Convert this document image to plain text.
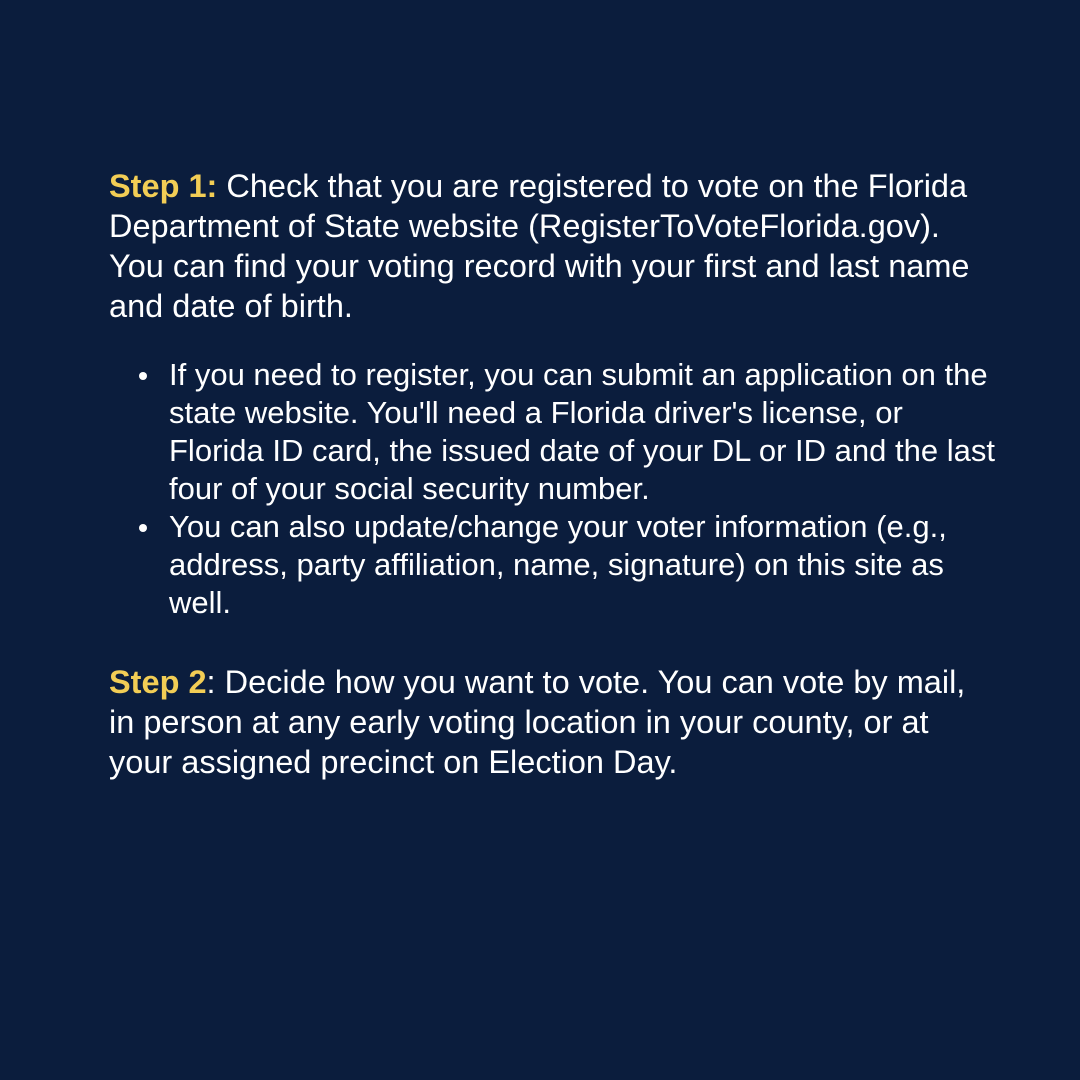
Step 1: Check that you are registered to vote on the Florida Department of State website (RegisterToVoteFlorida.gov). You can find your voting record with your first and last name and date of birth.

If you need to register, you can submit an application on the state website. You'll need a Florida driver's license, or Florida ID card, the issued date of your DL or ID and the last four of your social security number.
You can also update/change your voter information (e.g., address, party affiliation, name, signature) on this site as well.

Step 2: Decide how you want to vote. You can vote by mail, in person at any early voting location in your county, or at your assigned precinct on Election Day.
